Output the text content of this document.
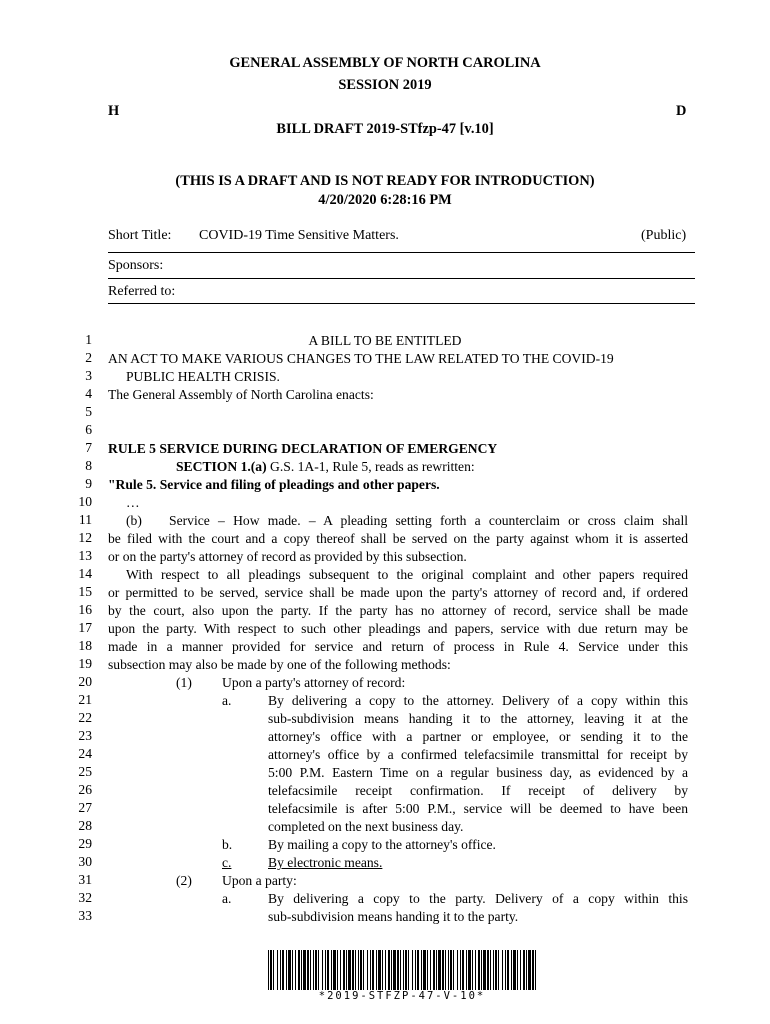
GENERAL ASSEMBLY OF NORTH CAROLINA
SESSION 2019
H	D
BILL DRAFT 2019-STfzp-47 [v.10]
(THIS IS A DRAFT AND IS NOT READY FOR INTRODUCTION)
4/20/2020 6:28:16 PM
Short Title: COVID-19 Time Sensitive Matters.	(Public)
Sponsors:
Referred to:
1
2
3
4
5
6
7
8
9
10
11
12
13
14
15
16
17
18
19
20
21
22
23
24
25
26
27
28
29
30
31
32
33
A BILL TO BE ENTITLED
AN ACT TO MAKE VARIOUS CHANGES TO THE LAW RELATED TO THE COVID-19
PUBLIC HEALTH CRISIS.
The General Assembly of North Carolina enacts:
RULE 5 SERVICE DURING DECLARATION OF EMERGENCY
SECTION 1.(a) G.S. 1A-1, Rule 5, reads as rewritten:
"Rule 5. Service and filing of pleadings and other papers.
…
(b)  Service – How made. – A pleading setting forth a counterclaim or cross claim shall
be filed with the court and a copy thereof shall be served on the party against whom it is asserted
or on the party's attorney of record as provided by this subsection.
With respect to all pleadings subsequent to the original complaint and other papers required
or permitted to be served, service shall be made upon the party's attorney of record and, if ordered
by the court, also upon the party. If the party has no attorney of record, service shall be made
upon the party. With respect to such other pleadings and papers, service with due return may be
made in a manner provided for service and return of process in Rule 4. Service under this
subsection may also be made by one of the following methods:
(1) Upon a party's attorney of record:
a.	By delivering a copy to the attorney. Delivery of a copy within this
sub-subdivision means handing it to the attorney, leaving it at the
attorney's office with a partner or employee, or sending it to the
attorney's office by a confirmed telefacsimile transmittal for receipt by
5:00 P.M. Eastern Time on a regular business day, as evidenced by a
telefacsimile receipt confirmation. If receipt of delivery by
telefacsimile is after 5:00 P.M., service will be deemed to have been
completed on the next business day.
b.	By mailing a copy to the attorney's office.
c.	By electronic means.
(2) Upon a party:
a.	By delivering a copy to the party. Delivery of a copy within this
sub-subdivision means handing it to the party.
*2019-STFZP-47-V-10*
